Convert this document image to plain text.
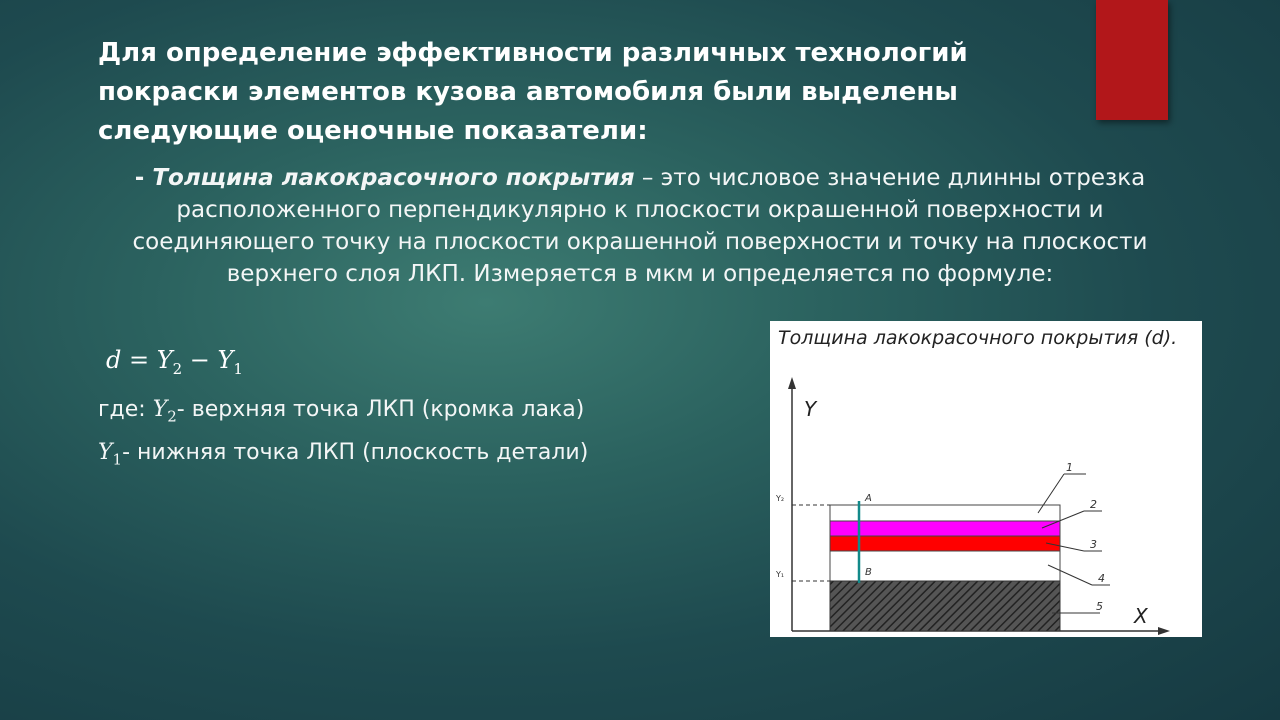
Для определение эффективности различных технологий покраски элементов кузова автомобиля были выделены следующие оценочные показатели:

- Толщина лакокрасочного покрытия – это числовое значение длинны отрезка расположенного перпендикулярно к плоскости окрашенной поверхности и соединяющего точку на плоскости окрашенной поверхности и точку на плоскости верхнего слоя ЛКП. Измеряется в мкм и определяется по формуле:

$d = Y_2 - Y_1$
где: $Y_2-$ верхняя точка ЛКП (кромка лака)
$Y_1-$ нижняя точка ЛКП (плоскость детали)
Толщина лакокрасочного покрытия (d).
Y
X
Y₂
Y₁
A
B
1
2
3
4
5
